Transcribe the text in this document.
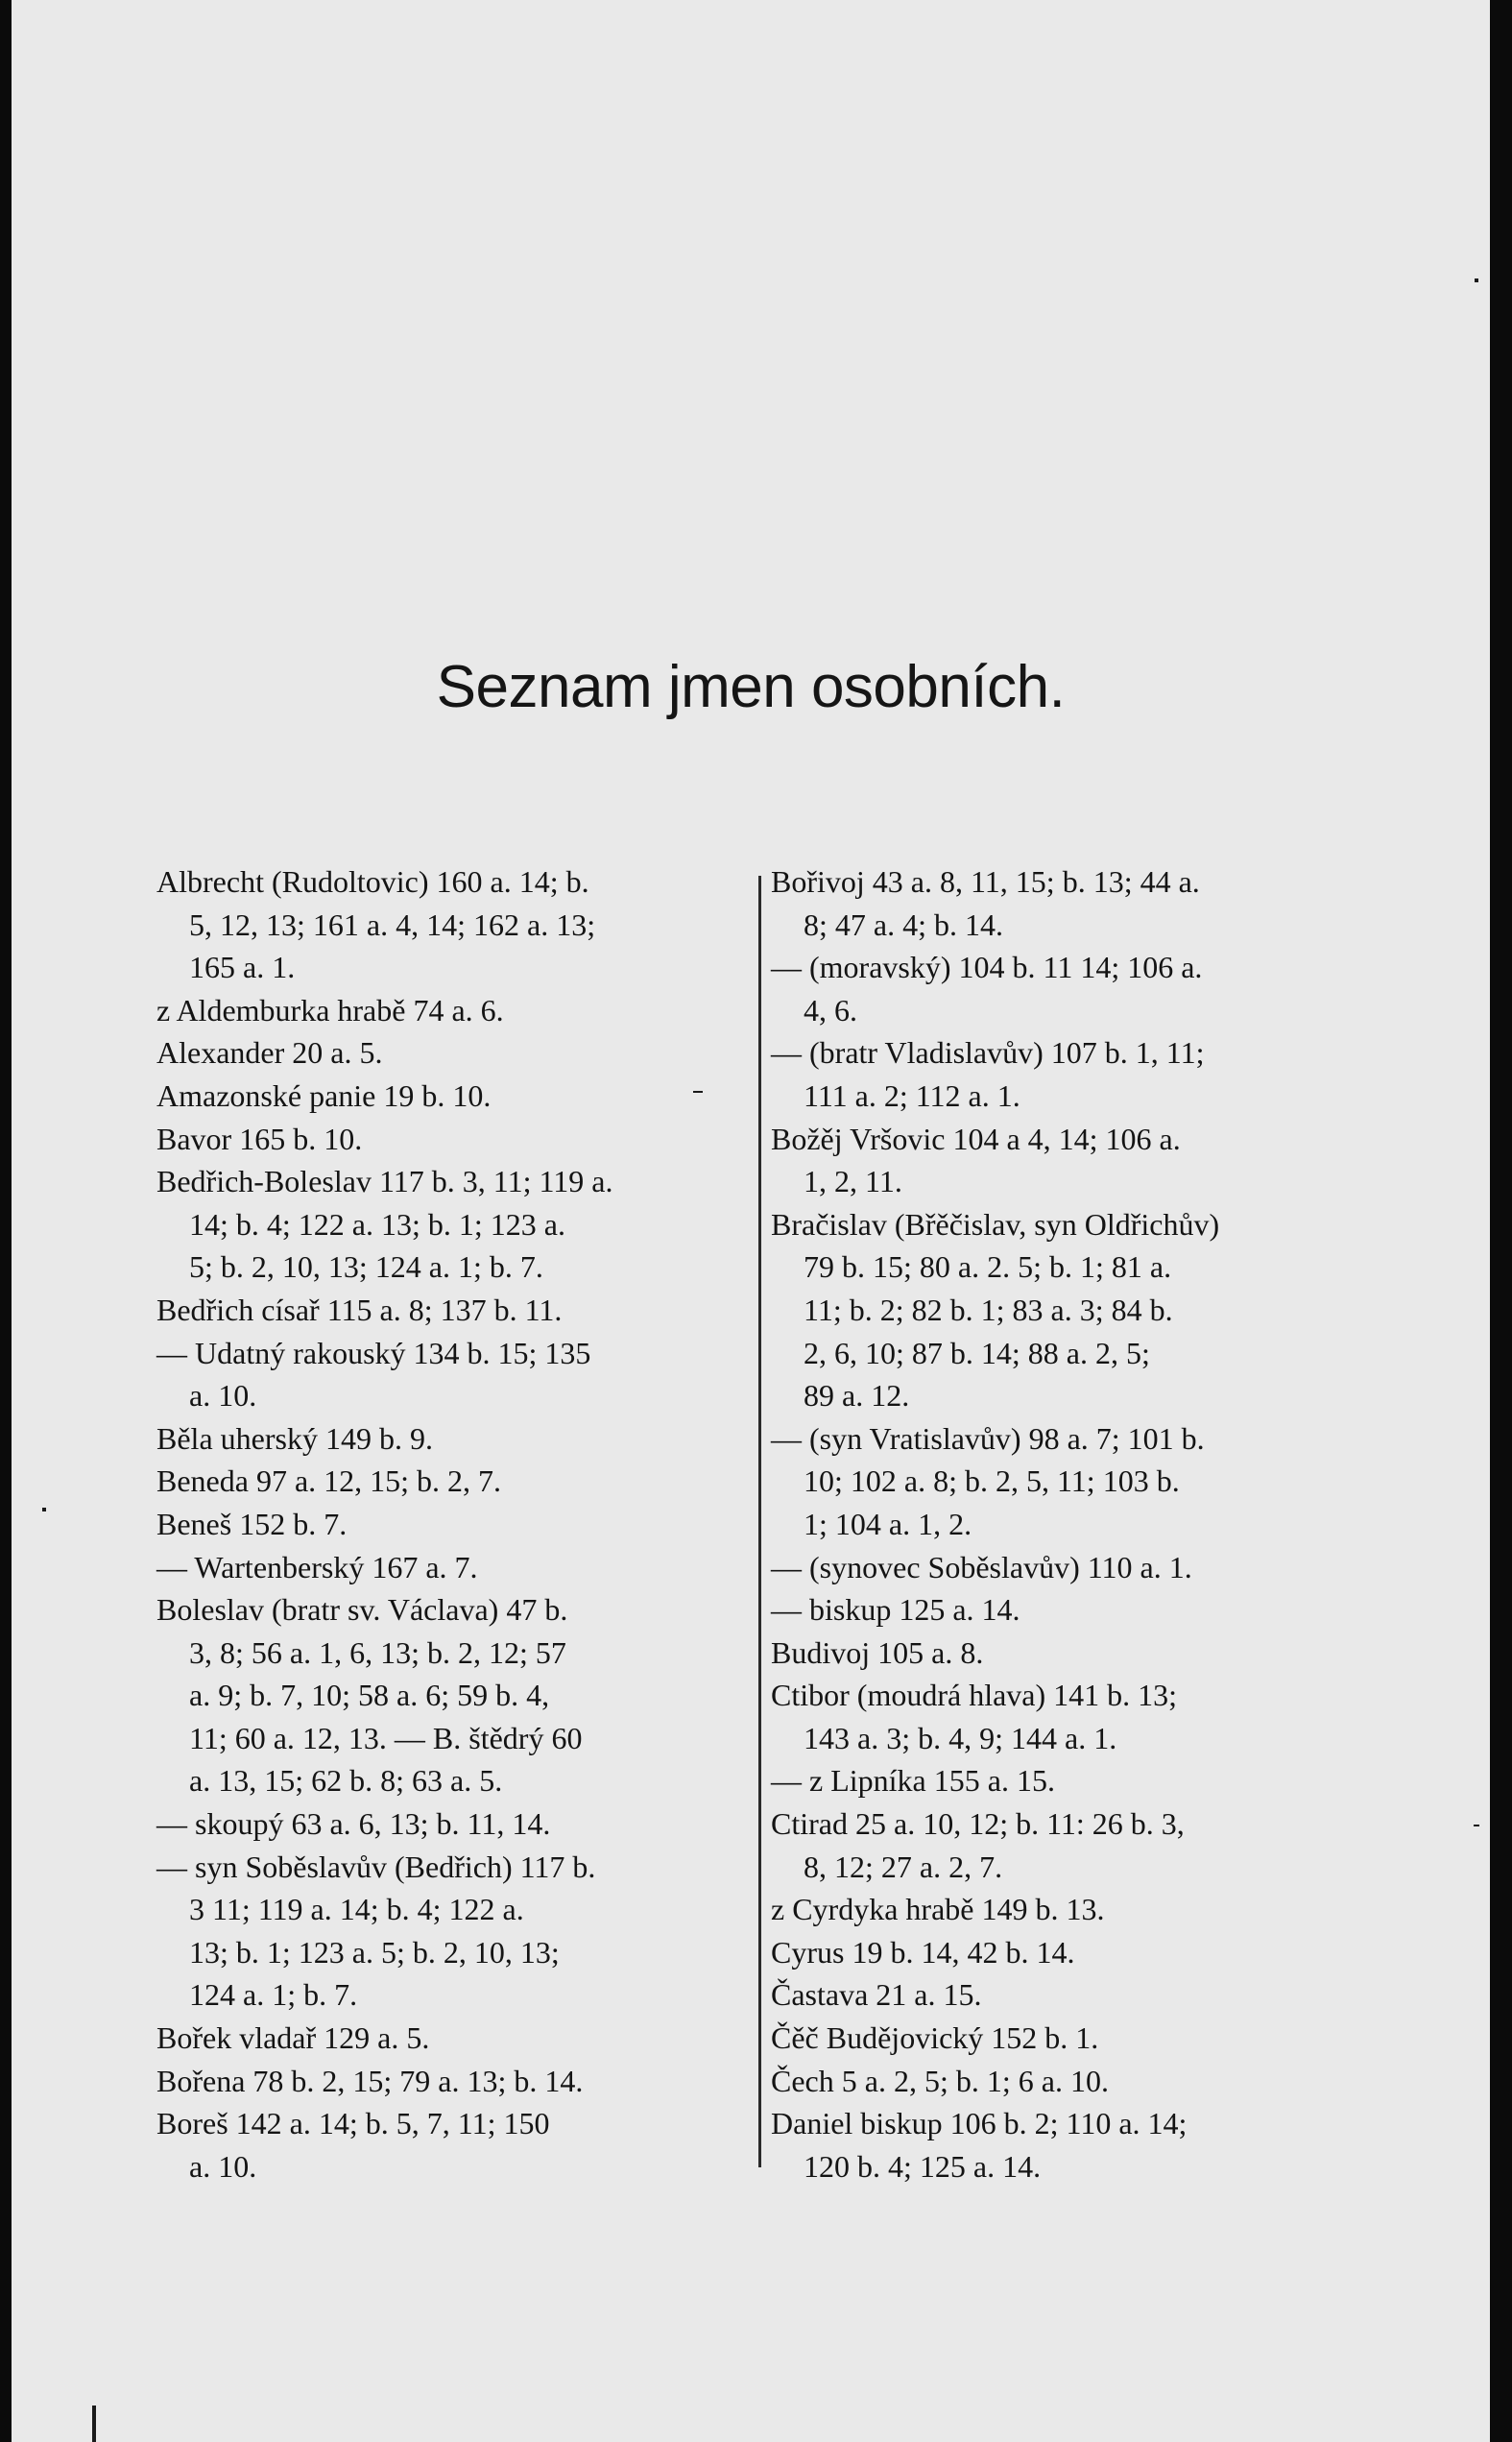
Seznam jmen osobních.
Albrecht (Rudoltovic) 160 a. 14; b.
5, 12, 13; 161 a. 4, 14; 162 a. 13;
165 a. 1.
z Aldemburka hrabě 74 a. 6.
Alexander 20 a. 5.
Amazonské panie 19 b. 10.
Bavor 165 b. 10.
Bedřich-Boleslav 117 b. 3, 11; 119 a.
14; b. 4; 122 a. 13; b. 1; 123 a.
5; b. 2, 10, 13; 124 a. 1; b. 7.
Bedřich císař 115 a. 8; 137 b. 11.
— Udatný rakouský 134 b. 15; 135
a. 10.
Běla uherský 149 b. 9.
Beneda 97 a. 12, 15; b. 2, 7.
Beneš 152 b. 7.
— Wartenberský 167 a. 7.
Boleslav (bratr sv. Václava) 47 b.
3, 8; 56 a. 1, 6, 13; b. 2, 12; 57
a. 9; b. 7, 10; 58 a. 6; 59 b. 4,
11; 60 a. 12, 13. — B. štědrý 60
a. 13, 15; 62 b. 8; 63 a. 5.
— skoupý 63 a. 6, 13; b. 11, 14.
— syn Soběslavův (Bedřich) 117 b.
3 11; 119 a. 14; b. 4; 122 a.
13; b. 1; 123 a. 5; b. 2, 10, 13;
124 a. 1; b. 7.
Bořek vladař 129 a. 5.
Bořena 78 b. 2, 15; 79 a. 13; b. 14.
Boreš 142 a. 14; b. 5, 7, 11; 150
a. 10.
Bořivoj 43 a. 8, 11, 15; b. 13; 44 a.
8; 47 a. 4; b. 14.
— (moravský) 104 b. 11 14; 106 a.
4, 6.
— (bratr Vladislavův) 107 b. 1, 11;
111 a. 2; 112 a. 1.
Božěj Vršovic 104 a 4, 14; 106 a.
1, 2, 11.
Bračislav (Břěčislav, syn Oldřichův)
79 b. 15; 80 a. 2. 5; b. 1; 81 a.
11; b. 2; 82 b. 1; 83 a. 3; 84 b.
2, 6, 10; 87 b. 14; 88 a. 2, 5;
89 a. 12.
— (syn Vratislavův) 98 a. 7; 101 b.
10; 102 a. 8; b. 2, 5, 11; 103 b.
1; 104 a. 1, 2.
— (synovec Soběslavův) 110 a. 1.
— biskup 125 a. 14.
Budivoj 105 a. 8.
Ctibor (moudrá hlava) 141 b. 13;
143 a. 3; b. 4, 9; 144 a. 1.
— z Lipníka 155 a. 15.
Ctirad 25 a. 10, 12; b. 11: 26 b. 3,
8, 12; 27 a. 2, 7.
z Cyrdyka hrabě 149 b. 13.
Cyrus 19 b. 14, 42 b. 14.
Častava 21 a. 15.
Čěč Budějovický 152 b. 1.
Čech 5 a. 2, 5; b. 1; 6 a. 10.
Daniel biskup 106 b. 2; 110 a. 14;
120 b. 4; 125 a. 14.
